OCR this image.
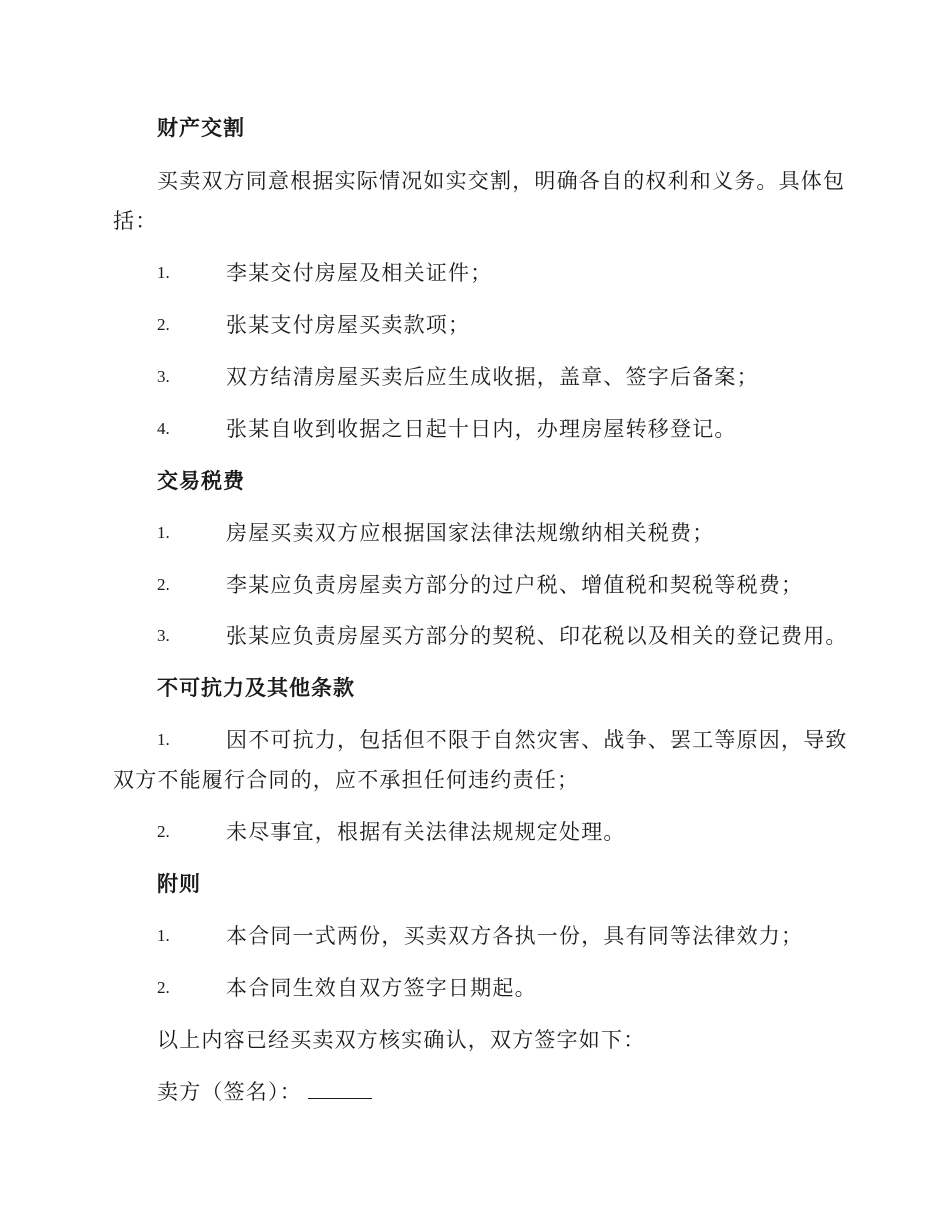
财产交割
买卖双方同意根据实际情况如实交割，明确各自的权利和义务。具体包
括：
1.	李某交付房屋及相关证件；
2.	张某支付房屋买卖款项；
3.	双方结清房屋买卖后应生成收据，盖章、签字后备案；
4.	张某自收到收据之日起十日内，办理房屋转移登记。
交易税费
1.	房屋买卖双方应根据国家法律法规缴纳相关税费；
2.	李某应负责房屋卖方部分的过户税、增值税和契税等税费；
3.	张某应负责房屋买方部分的契税、印花税以及相关的登记费用。
不可抗力及其他条款
1.	因不可抗力，包括但不限于自然灾害、战争、罢工等原因，导致
双方不能履行合同的，应不承担任何违约责任；
2.	未尽事宜，根据有关法律法规规定处理。
附则
1.	本合同一式两份，买卖双方各执一份，具有同等法律效力；
2.	本合同生效自双方签字日期起。
以上内容已经买卖双方核实确认，双方签字如下：
卖方（签名）：
